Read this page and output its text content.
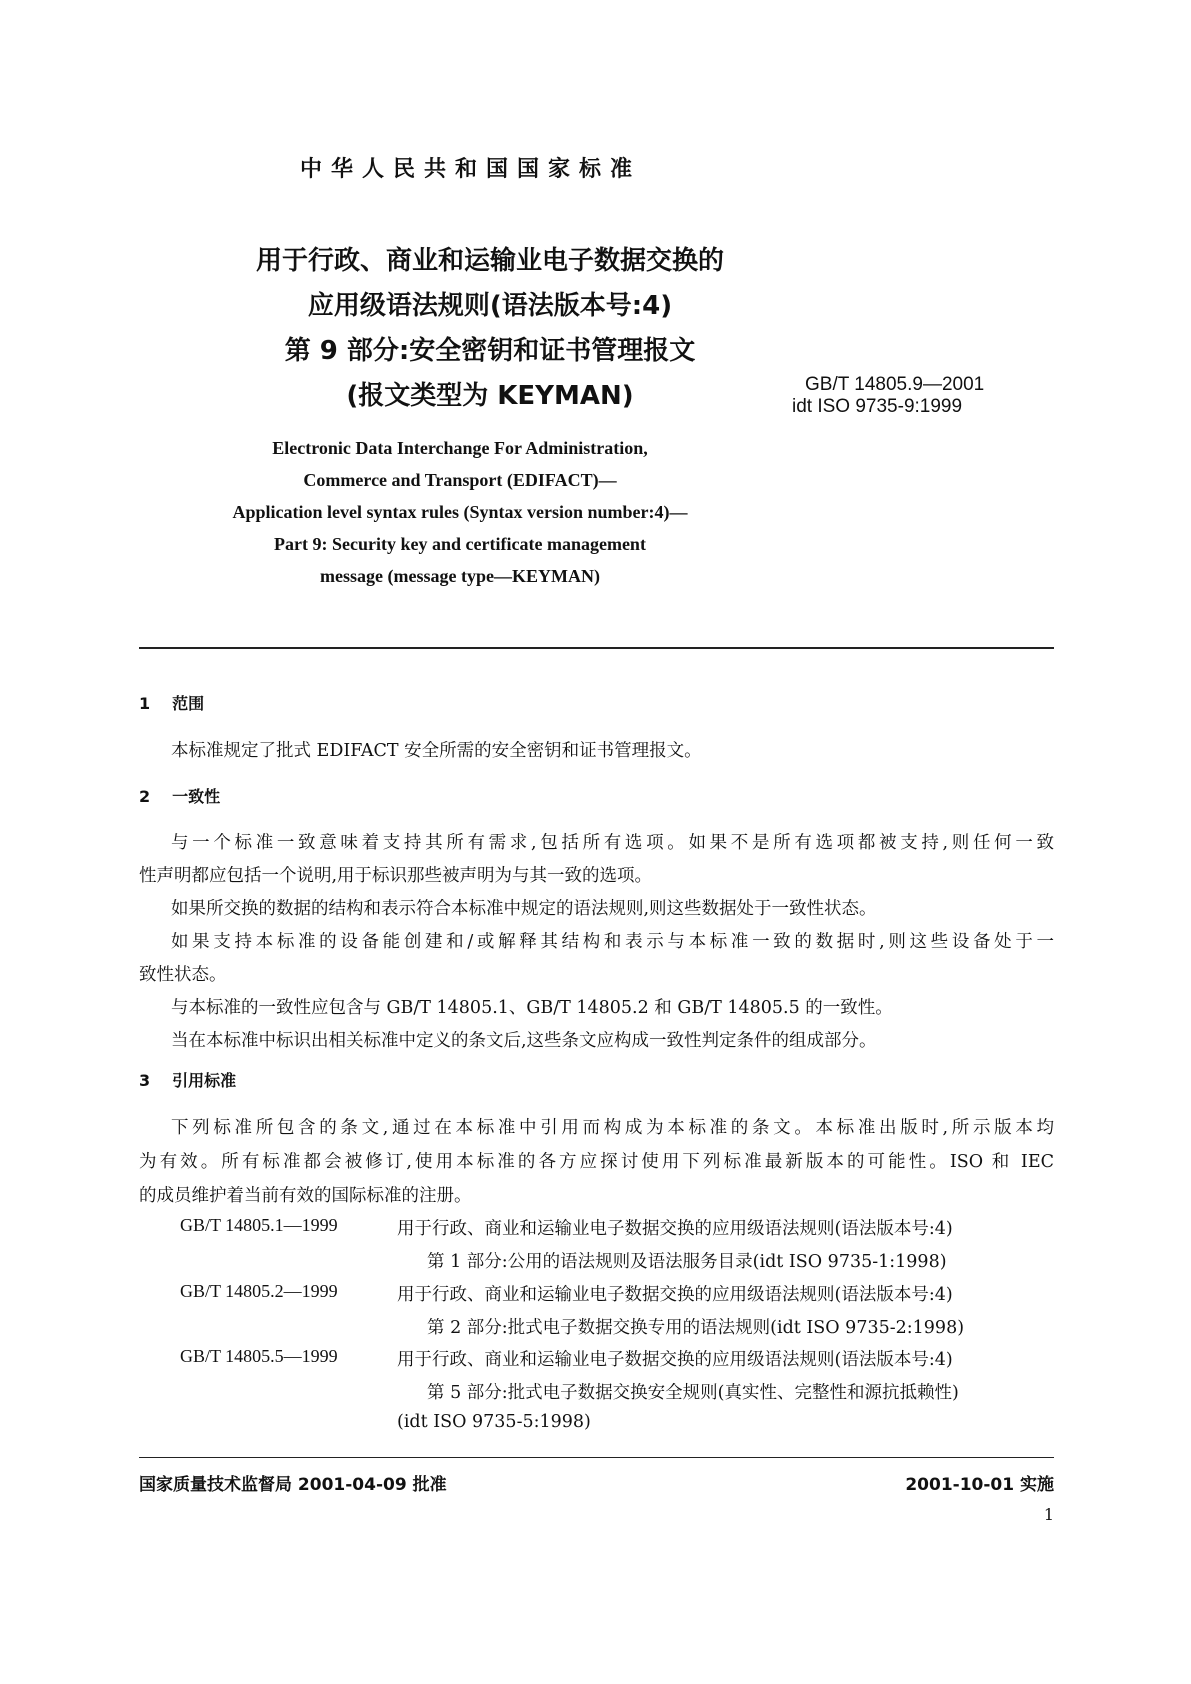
中华人民共和国国家标准
用于行政、商业和运输业电子数据交换的
应用级语法规则(语法版本号:4)
第 9 部分:安全密钥和证书管理报文
(报文类型为 KEYMAN)	GB/T 14805.9—2001
idt ISO 9735-9:1999
Electronic Data Interchange For Administration,
Commerce and Transport (EDIFACT)—
Application level syntax rules (Syntax version number:4)—
Part 9: Security key and certificate management
message (message type—KEYMAN)
1 范围
本标准规定了批式 EDIFACT 安全所需的安全密钥和证书管理报文。
2 一致性
与一个标准一致意味着支持其所有需求,包括所有选项。如果不是所有选项都被支持,则任何一致
性声明都应包括一个说明,用于标识那些被声明为与其一致的选项。
如果所交换的数据的结构和表示符合本标准中规定的语法规则,则这些数据处于一致性状态。
如果支持本标准的设备能创建和/或解释其结构和表示与本标准一致的数据时,则这些设备处于一
致性状态。
与本标准的一致性应包含与 GB/T 14805.1、GB/T 14805.2 和 GB/T 14805.5 的一致性。
当在本标准中标识出相关标准中定义的条文后,这些条文应构成一致性判定条件的组成部分。
3 引用标准
下列标准所包含的条文,通过在本标准中引用而构成为本标准的条文。本标准出版时,所示版本均
为有效。所有标准都会被修订,使用本标准的各方应探讨使用下列标准最新版本的可能性。ISO 和 IEC
的成员维护着当前有效的国际标准的注册。
GB/T 14805.1—1999	用于行政、商业和运输业电子数据交换的应用级语法规则(语法版本号:4)
第 1 部分:公用的语法规则及语法服务目录(idt ISO 9735-1:1998)
GB/T 14805.2—1999	用于行政、商业和运输业电子数据交换的应用级语法规则(语法版本号:4)
第 2 部分:批式电子数据交换专用的语法规则(idt ISO 9735-2:1998)
GB/T 14805.5—1999	用于行政、商业和运输业电子数据交换的应用级语法规则(语法版本号:4)
第 5 部分:批式电子数据交换安全规则(真实性、完整性和源抗抵赖性)
(idt ISO 9735-5:1998)
国家质量技术监督局 2001-04-09 批准	2001-10-01 实施
1
